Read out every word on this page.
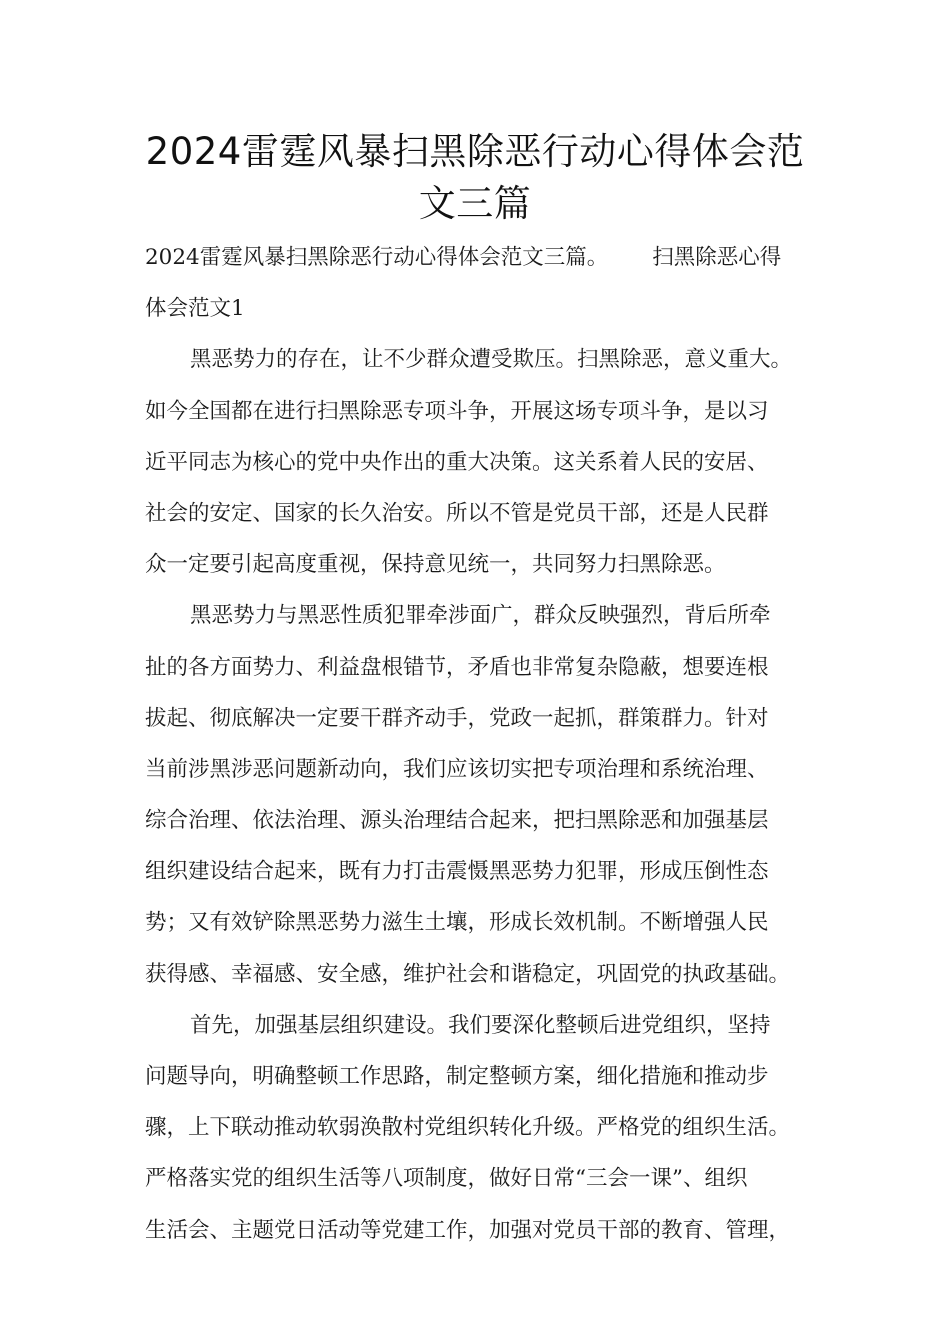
2024雷霆风暴扫黑除恶行动心得体会范
文三篇
2024雷霆风暴扫黑除恶行动心得体会范文三篇。 扫黑除恶心得
体会范文1
黑恶势力的存在，让不少群众遭受欺压。扫黑除恶，意义重大。
如今全国都在进行扫黑除恶专项斗争，开展这场专项斗争，是以习
近平同志为核心的党中央作出的重大决策。这关系着人民的安居、
社会的安定、国家的长久治安。所以不管是党员干部，还是人民群
众一定要引起高度重视，保持意见统一，共同努力扫黑除恶。
黑恶势力与黑恶性质犯罪牵涉面广，群众反映强烈，背后所牵
扯的各方面势力、利益盘根错节，矛盾也非常复杂隐蔽，想要连根
拔起、彻底解决一定要干群齐动手，党政一起抓，群策群力。针对
当前涉黑涉恶问题新动向，我们应该切实把专项治理和系统治理、
综合治理、依法治理、源头治理结合起来，把扫黑除恶和加强基层
组织建设结合起来，既有力打击震慑黑恶势力犯罪，形成压倒性态
势；又有效铲除黑恶势力滋生土壤，形成长效机制。不断增强人民
获得感、幸福感、安全感，维护社会和谐稳定，巩固党的执政基础。
首先，加强基层组织建设。我们要深化整顿后进党组织，坚持
问题导向，明确整顿工作思路，制定整顿方案，细化措施和推动步
骤，上下联动推动软弱涣散村党组织转化升级。严格党的组织生活。
严格落实党的组织生活等八项制度，做好日常“三会一课”、组织
生活会、主题党日活动等党建工作，加强对党员干部的教育、管理，
